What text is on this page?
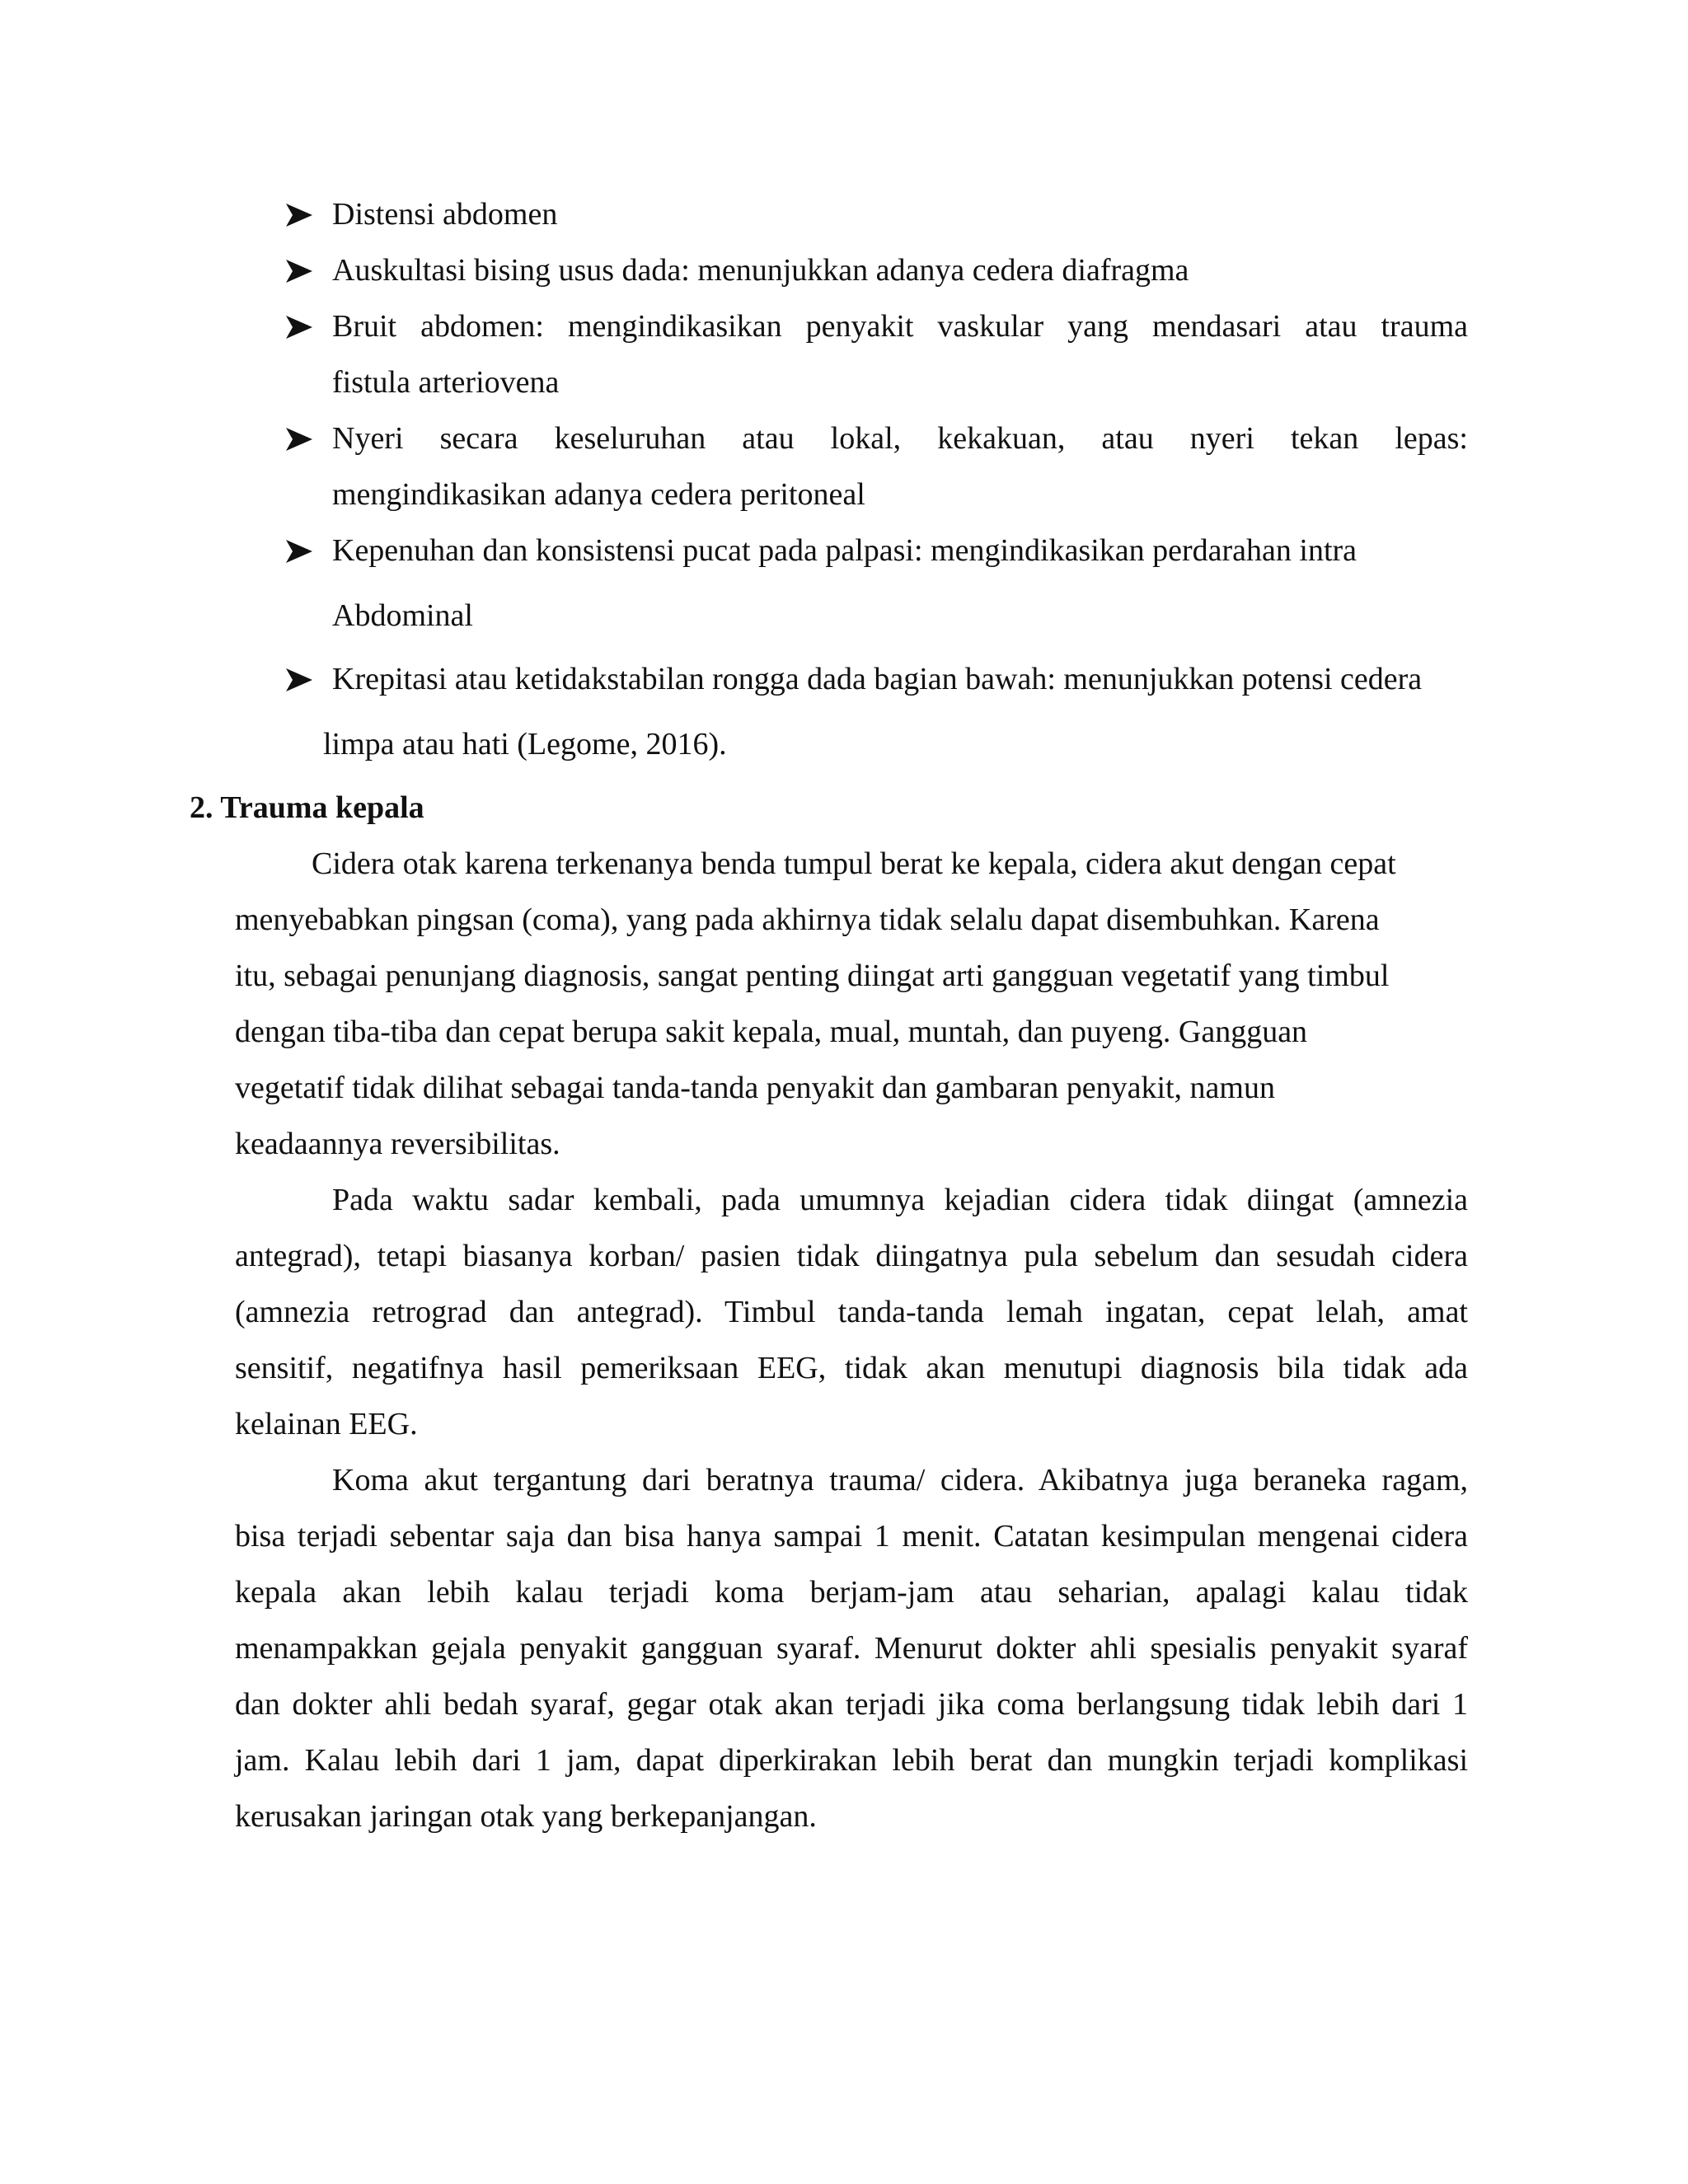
Distensi abdomen
Auskultasi bising usus dada: menunjukkan adanya cedera diafragma
Bruit abdomen: mengindikasikan penyakit vaskular yang mendasari atau trauma
fistula arteriovena
Nyeri secara keseluruhan atau lokal, kekakuan, atau nyeri tekan lepas:
mengindikasikan adanya cedera peritoneal
Kepenuhan dan konsistensi pucat pada palpasi: mengindikasikan perdarahan intra
Abdominal
Krepitasi atau ketidakstabilan rongga dada bagian bawah: menunjukkan potensi cedera
limpa atau hati (Legome, 2016).
2. Trauma kepala
Cidera otak karena terkenanya benda tumpul berat ke kepala, cidera akut dengan cepat
menyebabkan pingsan (coma), yang pada akhirnya tidak selalu dapat disembuhkan. Karena
itu, sebagai penunjang diagnosis, sangat penting diingat arti gangguan vegetatif yang timbul
dengan tiba-tiba dan cepat berupa sakit kepala, mual, muntah, dan puyeng. Gangguan
vegetatif tidak dilihat sebagai tanda-tanda penyakit dan gambaran penyakit, namun
keadaannya reversibilitas.
Pada waktu sadar kembali, pada umumnya kejadian cidera tidak diingat (amnezia
antegrad), tetapi biasanya korban/ pasien tidak diingatnya pula sebelum dan sesudah cidera
(amnezia retrograd dan antegrad). Timbul tanda-tanda lemah ingatan, cepat lelah, amat
sensitif, negatifnya hasil pemeriksaan EEG, tidak akan menutupi diagnosis bila tidak ada
kelainan EEG.
Koma akut tergantung dari beratnya trauma/ cidera. Akibatnya juga beraneka ragam,
bisa terjadi sebentar saja dan bisa hanya sampai 1 menit. Catatan kesimpulan mengenai cidera
kepala akan lebih kalau terjadi koma berjam-jam atau seharian, apalagi kalau tidak
menampakkan gejala penyakit gangguan syaraf. Menurut dokter ahli spesialis penyakit syaraf
dan dokter ahli bedah syaraf, gegar otak akan terjadi jika coma berlangsung tidak lebih dari 1
jam. Kalau lebih dari 1 jam, dapat diperkirakan lebih berat dan mungkin terjadi komplikasi
kerusakan jaringan otak yang berkepanjangan.
